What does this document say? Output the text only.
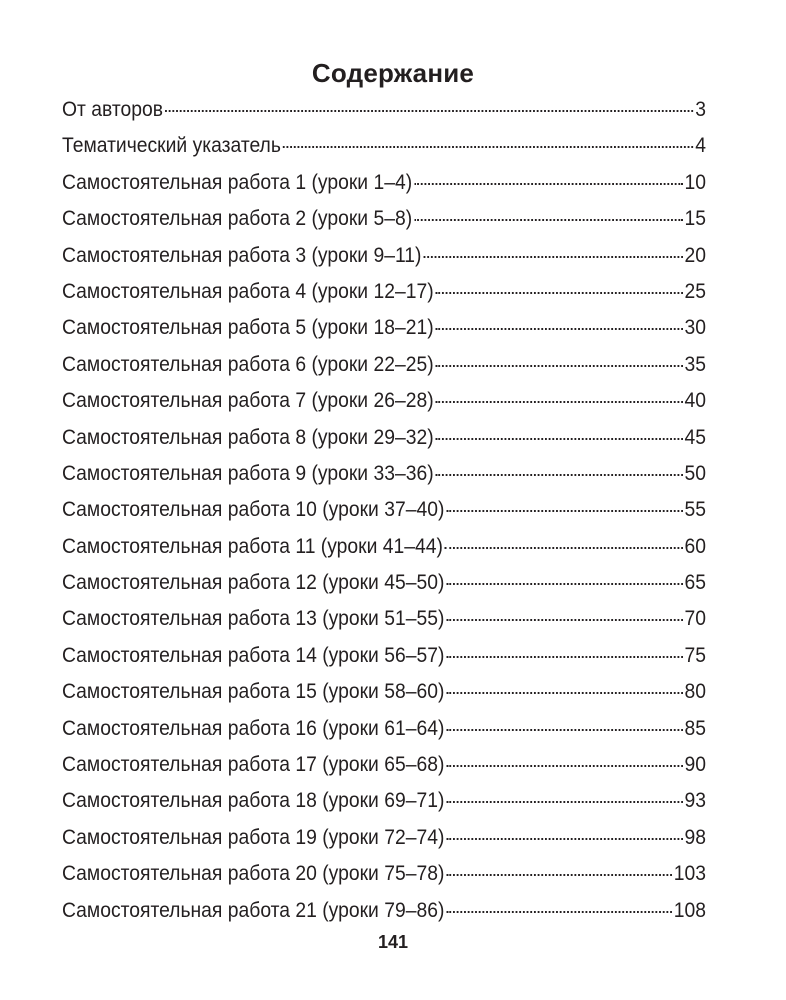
Содержание
От авторов	3
Тематический указатель	4
Самостоятельная работа 1 (уроки 1–4)	10
Самостоятельная работа 2 (уроки 5–8)	15
Самостоятельная работа 3 (уроки 9–11)	20
Самостоятельная работа 4 (уроки 12–17)	25
Самостоятельная работа 5 (уроки 18–21)	30
Самостоятельная работа 6 (уроки 22–25)	35
Самостоятельная работа 7 (уроки 26–28)	40
Самостоятельная работа 8 (уроки 29–32)	45
Самостоятельная работа 9 (уроки 33–36)	50
Самостоятельная работа 10 (уроки 37–40)	55
Самостоятельная работа 11 (уроки 41–44)	60
Самостоятельная работа 12 (уроки 45–50)	65
Самостоятельная работа 13 (уроки 51–55)	70
Самостоятельная работа 14 (уроки 56–57)	75
Самостоятельная работа 15 (уроки 58–60)	80
Самостоятельная работа 16 (уроки 61–64)	85
Самостоятельная работа 17 (уроки 65–68)	90
Самостоятельная работа 18 (уроки 69–71)	93
Самостоятельная работа 19 (уроки 72–74)	98
Самостоятельная работа 20 (уроки 75–78)	103
Самостоятельная работа 21 (уроки 79–86)	108
141
